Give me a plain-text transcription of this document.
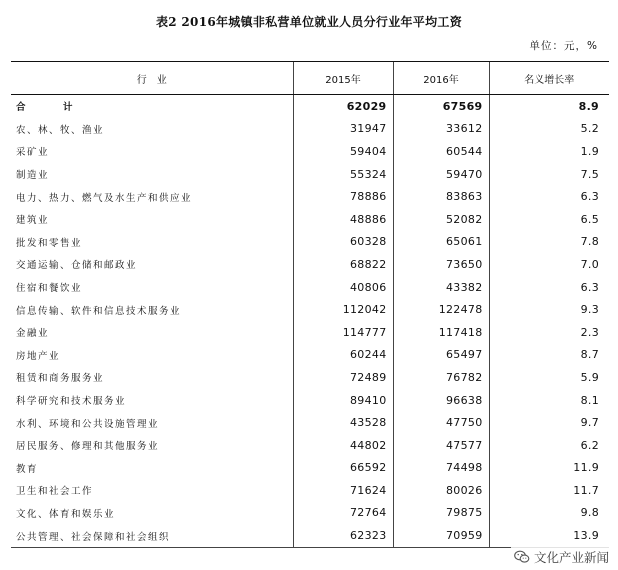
表2 2016年城镇非私营单位就业人员分行业年平均工资
单位：元，%
行　业	2015年	2016年	名义增长率
合　计	62029	67569	8.9
农、林、牧、渔业	31947	33612	5.2
采矿业	59404	60544	1.9
制造业	55324	59470	7.5
电力、热力、燃气及水生产和供应业	78886	83863	6.3
建筑业	48886	52082	6.5
批发和零售业	60328	65061	7.8
交通运输、仓储和邮政业	68822	73650	7.0
住宿和餐饮业	40806	43382	6.3
信息传输、软件和信息技术服务业	112042	122478	9.3
金融业	114777	117418	2.3
房地产业	60244	65497	8.7
租赁和商务服务业	72489	76782	5.9
科学研究和技术服务业	89410	96638	8.1
水利、环境和公共设施管理业	43528	47750	9.7
居民服务、修理和其他服务业	44802	47577	6.2
教育	66592	74498	11.9
卫生和社会工作	71624	80026	11.7
文化、体育和娱乐业	72764	79875	9.8
公共管理、社会保障和社会组织	62323	70959	13.9
文化产业新闻
